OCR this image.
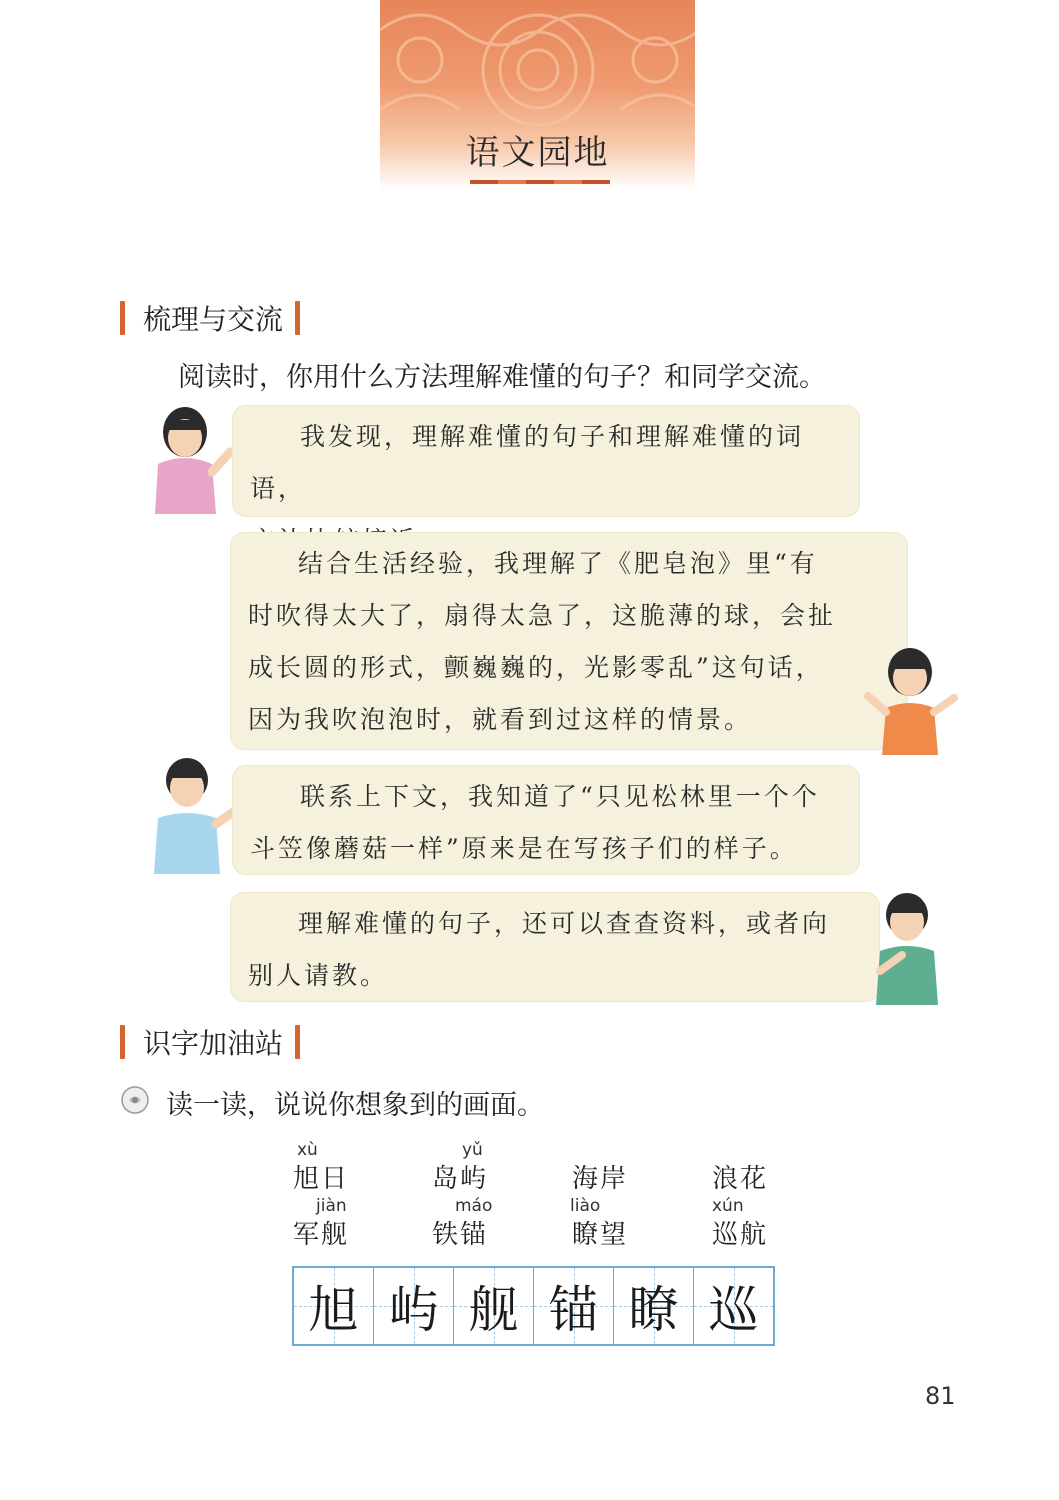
语文园地
梳理与交流
阅读时，你用什么方法理解难懂的句子？和同学交流。
我发现，理解难懂的句子和理解难懂的词语，
结合生活经验，我理解了《肥皂泡》里“有
时吹得太大了，扇得太急了，这脆薄的球，会扯
成长圆的形式，颤巍巍的，光影零乱”这句话，
因为我吹泡泡时，就看到过这样的情景。
联系上下文，我知道了“只见松林里一个个
斗笠像蘑菇一样”原来是在写孩子们的样子。
理解难懂的句子，还可以查查资料，或者向
别人请教。
识字加油站
读一读，说说你想象到的画面。
xù
旭日
yǔ
岛屿	海岸	浪花
jiàn
军舰
máo
铁锚
liào
瞭望
xún
巡航
旭 屿 舰 锚 瞭 巡
81
